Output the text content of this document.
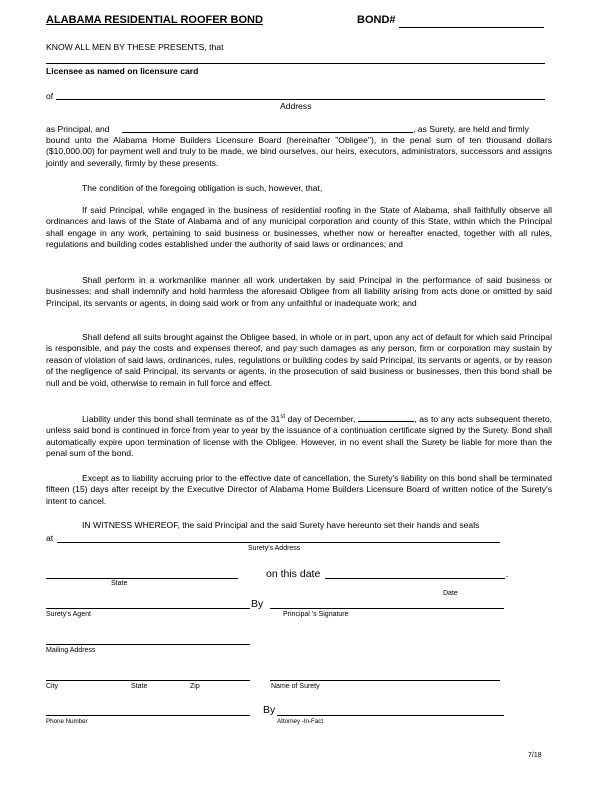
ALABAMA RESIDENTIAL ROOFER BOND	BOND#
KNOW ALL MEN BY THESE PRESENTS, that
Licensee as named on licensure card
of
Address
as Principal, and	, as Surety, are held and firmly

bound unto the Alabama Home Builders Licensure Board (hereinafter "Obligee"), in the penal sum of ten thousand dollars ($10,000.00) for payment well and truly to be made, we bind ourselves, our heirs, executors, administrators, successors and assigns jointly and severally, firmly by these presents.

The condition of the foregoing obligation is such, however, that,

If said Principal, while engaged in the business of residential roofing in the State of Alabama, shall faithfully observe all ordinances and laws of the State of Alabama and of any municipal corporation and county of this State, within which the Principal shall engage in any work, pertaining to said business or businesses, whether now or hereafter enacted, together with all rules, regulations and building codes established under the authority of said laws or ordinances; and

Shall perform in a workmanlike manner all work undertaken by said Principal in the performance of said business or businesses; and shall indemnify and hold harmless the aforesaid Obligee from all liability arising from acts done or omitted by said Principal, its servants or agents, in doing said work or from any unfaithful or inadequate work; and

Shall defend all suits brought against the Obligee based, in whole or in part, upon any act of default for which said Principal is responsible, and pay the costs and expenses thereof, and pay such damages as any person, firm or corporation may sustain by reason of violation of said laws, ordinances, rules, regulations or building codes by said Principal, its servants or agents, or by reason of the negligence of said Principal, its servants or agents, in the prosecution of said business or businesses, then this bond shall be null and be void, otherwise to remain in full force and effect.

Liability under this bond shall terminate as of the 31st day of December,	, as to any acts subsequent thereto, unless said bond is continued in force from year to year by the issuance of a continuation certificate signed by the Surety. Bond shall automatically expire upon termination of license with the Obligee. However, in no event shall the Surety be liable for more than the penal sum of the bond.

Except as to liability accruing prior to the effective date of cancellation, the Surety's liability on this bond shall be terminated fifteen (15) days after receipt by the Executive Director of Alabama Home Builders Licensure Board of written notice of the Surety's intent to cancel.

IN WITNESS WHEREOF, the said Principal and the said Surety have hereunto set their hands and seals
at
Surety's Address
on this date	.
State
Date
By
Surety's Agent	Principal 's Signature
Mailing Address
City	State	Zip	Name of Surety
By
Phone Number	Attorney -In-Fact
7/18
